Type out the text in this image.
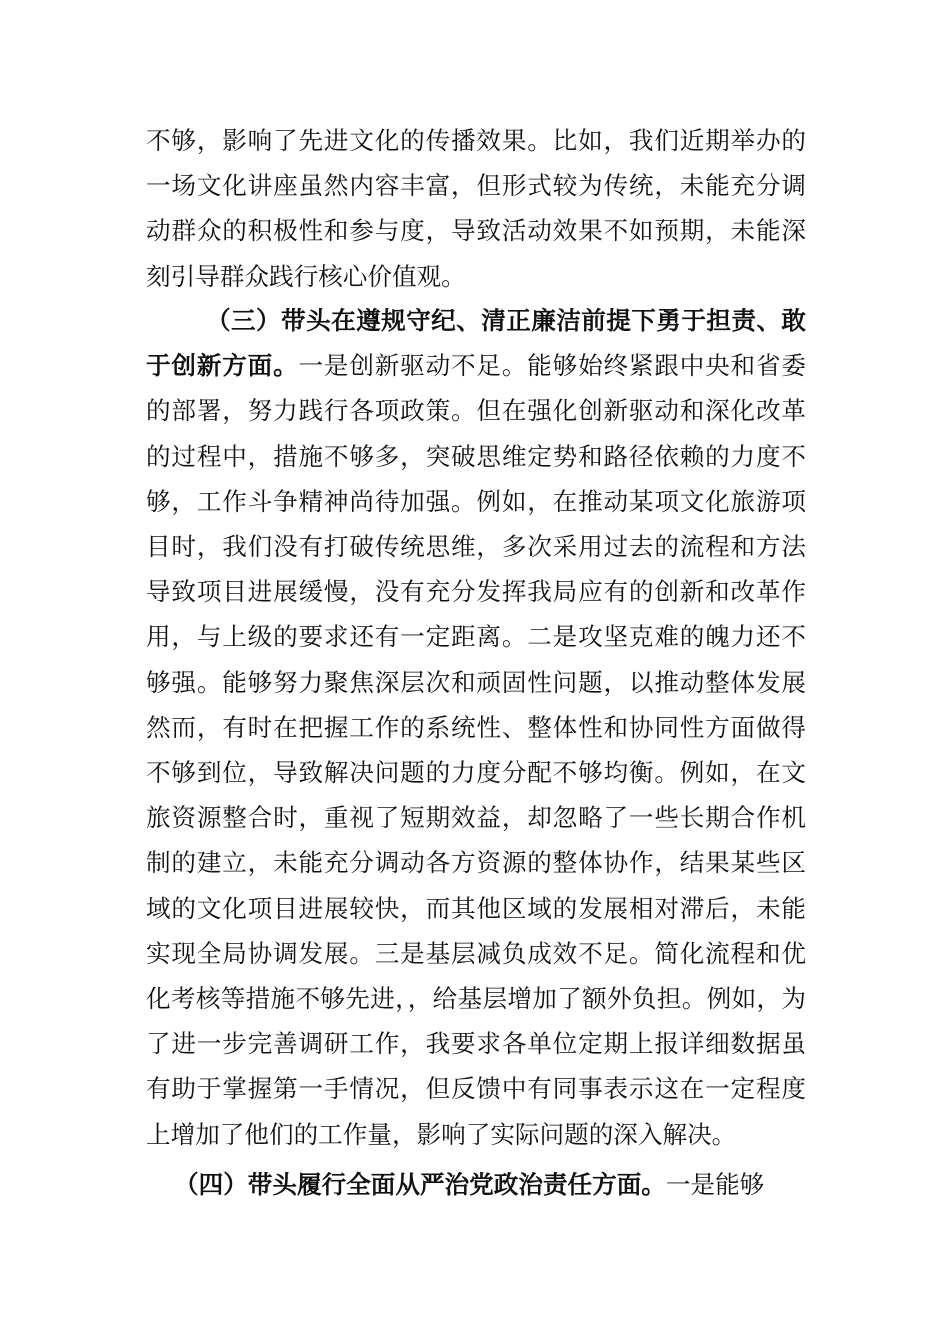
不够，影响了先进文化的传播效果。比如，我们近期举办的一场文化讲座虽然内容丰富，但形式较为传统，未能充分调动群众的积极性和参与度，导致活动效果不如预期，未能深刻引导群众践行核心价值观。

（三）带头在遵规守纪、清正廉洁前提下勇于担责、敢于创新方面。一是创新驱动不足。能够始终紧跟中央和省委的部署，努力践行各项政策。但在强化创新驱动和深化改革的过程中，措施不够多，突破思维定势和路径依赖的力度不够，工作斗争精神尚待加强。例如，在推动某项文化旅游项目时，我们没有打破传统思维，多次采用过去的流程和方法导致项目进展缓慢，没有充分发挥我局应有的创新和改革作用，与上级的要求还有一定距离。二是攻坚克难的魄力还不够强。能够努力聚焦深层次和顽固性问题，以推动整体发展然而，有时在把握工作的系统性、整体性和协同性方面做得不够到位，导致解决问题的力度分配不够均衡。例如，在文旅资源整合时，重视了短期效益，却忽略了一些长期合作机制的建立，未能充分调动各方资源的整体协作，结果某些区域的文化项目进展较快，而其他区域的发展相对滞后，未能实现全局协调发展。三是基层减负成效不足。简化流程和优化考核等措施不够先进，，给基层增加了额外负担。例如，为了进一步完善调研工作，我要求各单位定期上报详细数据虽有助于掌握第一手情况，但反馈中有同事表示这在一定程度上增加了他们的工作量，影响了实际问题的深入解决。

（四）带头履行全面从严治党政治责任方面。一是能够
